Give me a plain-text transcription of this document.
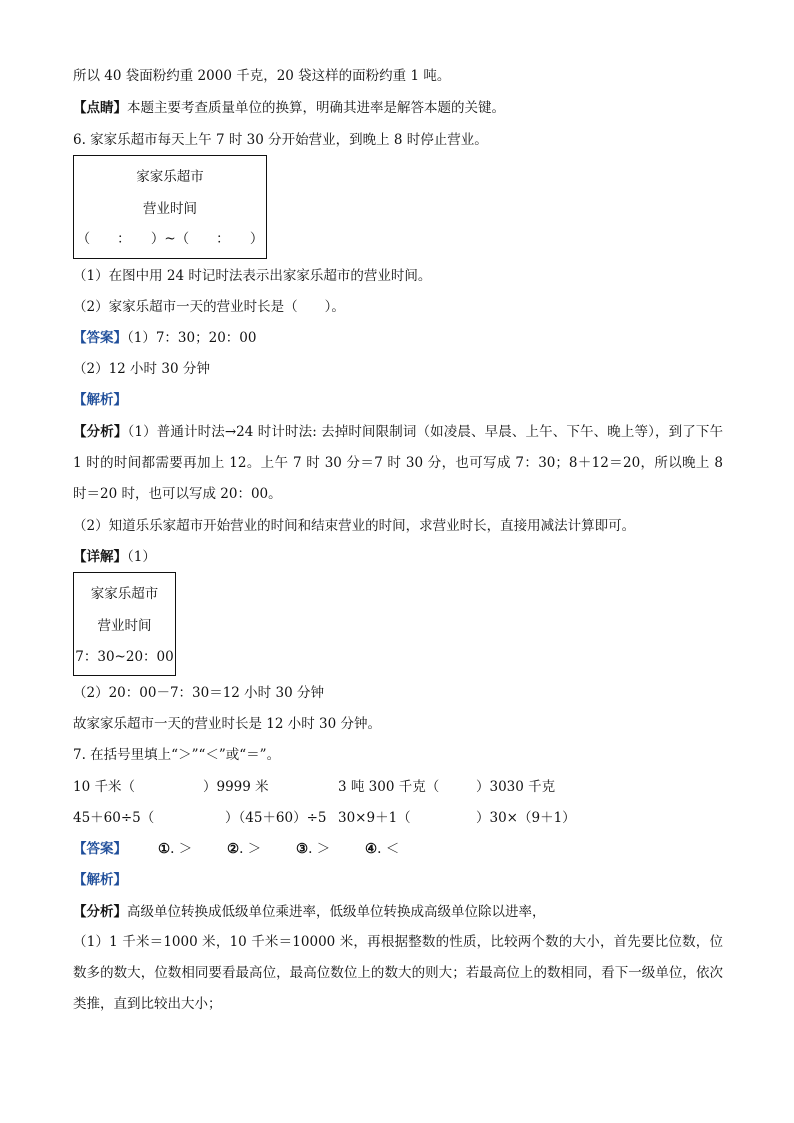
所以 40 袋面粉约重 2000 千克，20 袋这样的面粉约重 1 吨。
【点睛】本题主要考查质量单位的换算，明确其进率是解答本题的关键。
6. 家家乐超市每天上午 7 时 30 分开始营业，到晚上 8 时停止营业。
家家乐超市
营业时间
（　　：　　）~（　　：　　）
（1）在图中用 24 时记时法表示出家家乐超市的营业时间。
（2）家家乐超市一天的营业时长是（　　）。
【答案】（1）7：30；20：00
（2）12 小时 30 分钟
【解析】
【分析】（1）普通计时法→24 时计时法: 去掉时间限制词（如凌晨、早晨、上午、下午、晚上等），到了下午 1 时的时间都需要再加上 12。上午 7 时 30 分＝7 时 30 分，也可写成 7：30；8＋12＝20，所以晚上 8 时＝20 时，也可以写成 20：00。
（2）知道乐乐家超市开始营业的时间和结束营业的时间，求营业时长，直接用减法计算即可。
【详解】（1）
家家乐超市
营业时间
7：30~20：00
（2）20：00－7：30＝12 小时 30 分钟
故家家乐超市一天的营业时长是 12 小时 30 分钟。
7. 在括号里填上“＞”“＜”或“＝”。
10 千米（	）9999 米	3 吨 300 千克（	）3030 千克
45＋60÷5（	）（45＋60）÷5 30×9＋1（	）30×（9＋1）
【答案】 ①. ＞	②. ＞	③. ＞	④. ＜
【解析】
【分析】高级单位转换成低级单位乘进率，低级单位转换成高级单位除以进率，
（1）1 千米＝1000 米，10 千米＝10000 米，再根据整数的性质，比较两个数的大小，首先要比位数，位数多的数大，位数相同要看最高位，最高位数位上的数大的则大；若最高位上的数相同，看下一级单位，依次类推，直到比较出大小；
